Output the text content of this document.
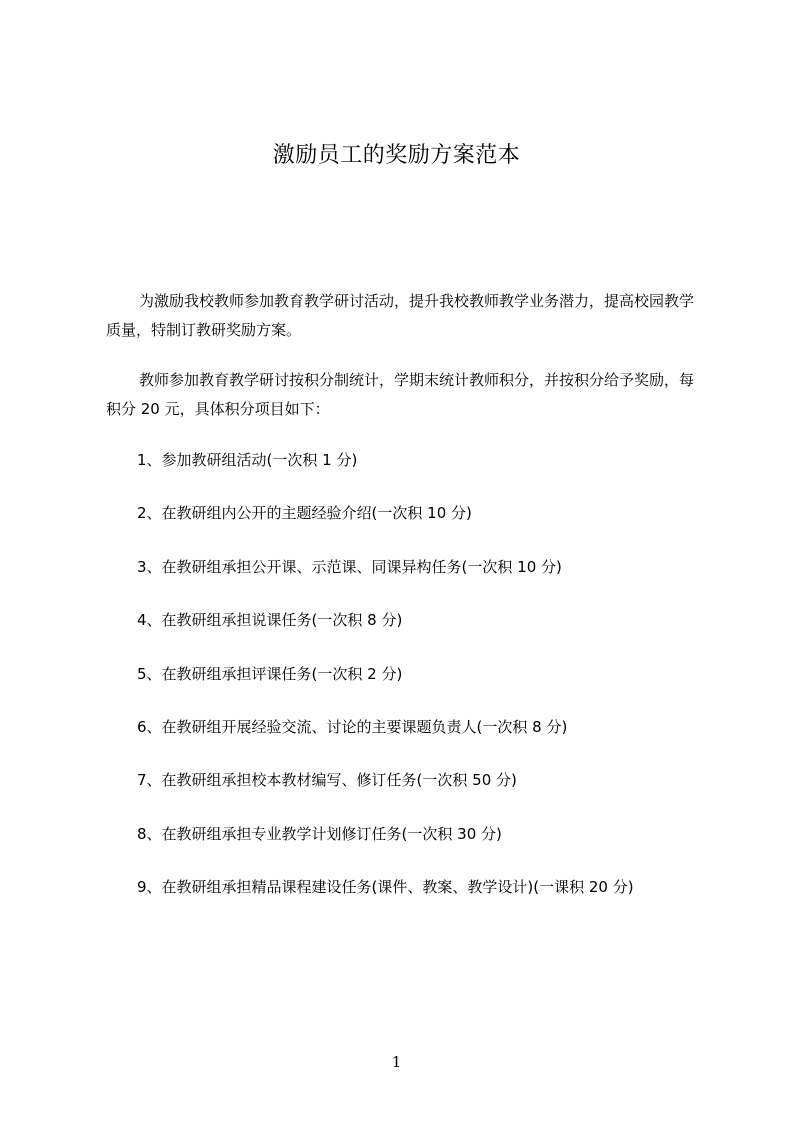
激励员工的奖励方案范本
为激励我校教师参加教育教学研讨活动，提升我校教师教学业务潜力，提高校园教学质量，特制订教研奖励方案。
教师参加教育教学研讨按积分制统计，学期末统计教师积分，并按积分给予奖励，每积分 20 元，具体积分项目如下：
1、参加教研组活动(一次积 1 分)
2、在教研组内公开的主题经验介绍(一次积 10 分)
3、在教研组承担公开课、示范课、同课异构任务(一次积 10 分)
4、在教研组承担说课任务(一次积 8 分)
5、在教研组承担评课任务(一次积 2 分)
6、在教研组开展经验交流、讨论的主要课题负责人(一次积 8 分)
7、在教研组承担校本教材编写、修订任务(一次积 50 分)
8、在教研组承担专业教学计划修订任务(一次积 30 分)
9、在教研组承担精品课程建设任务(课件、教案、教学设计)(一课积 20 分)
1
